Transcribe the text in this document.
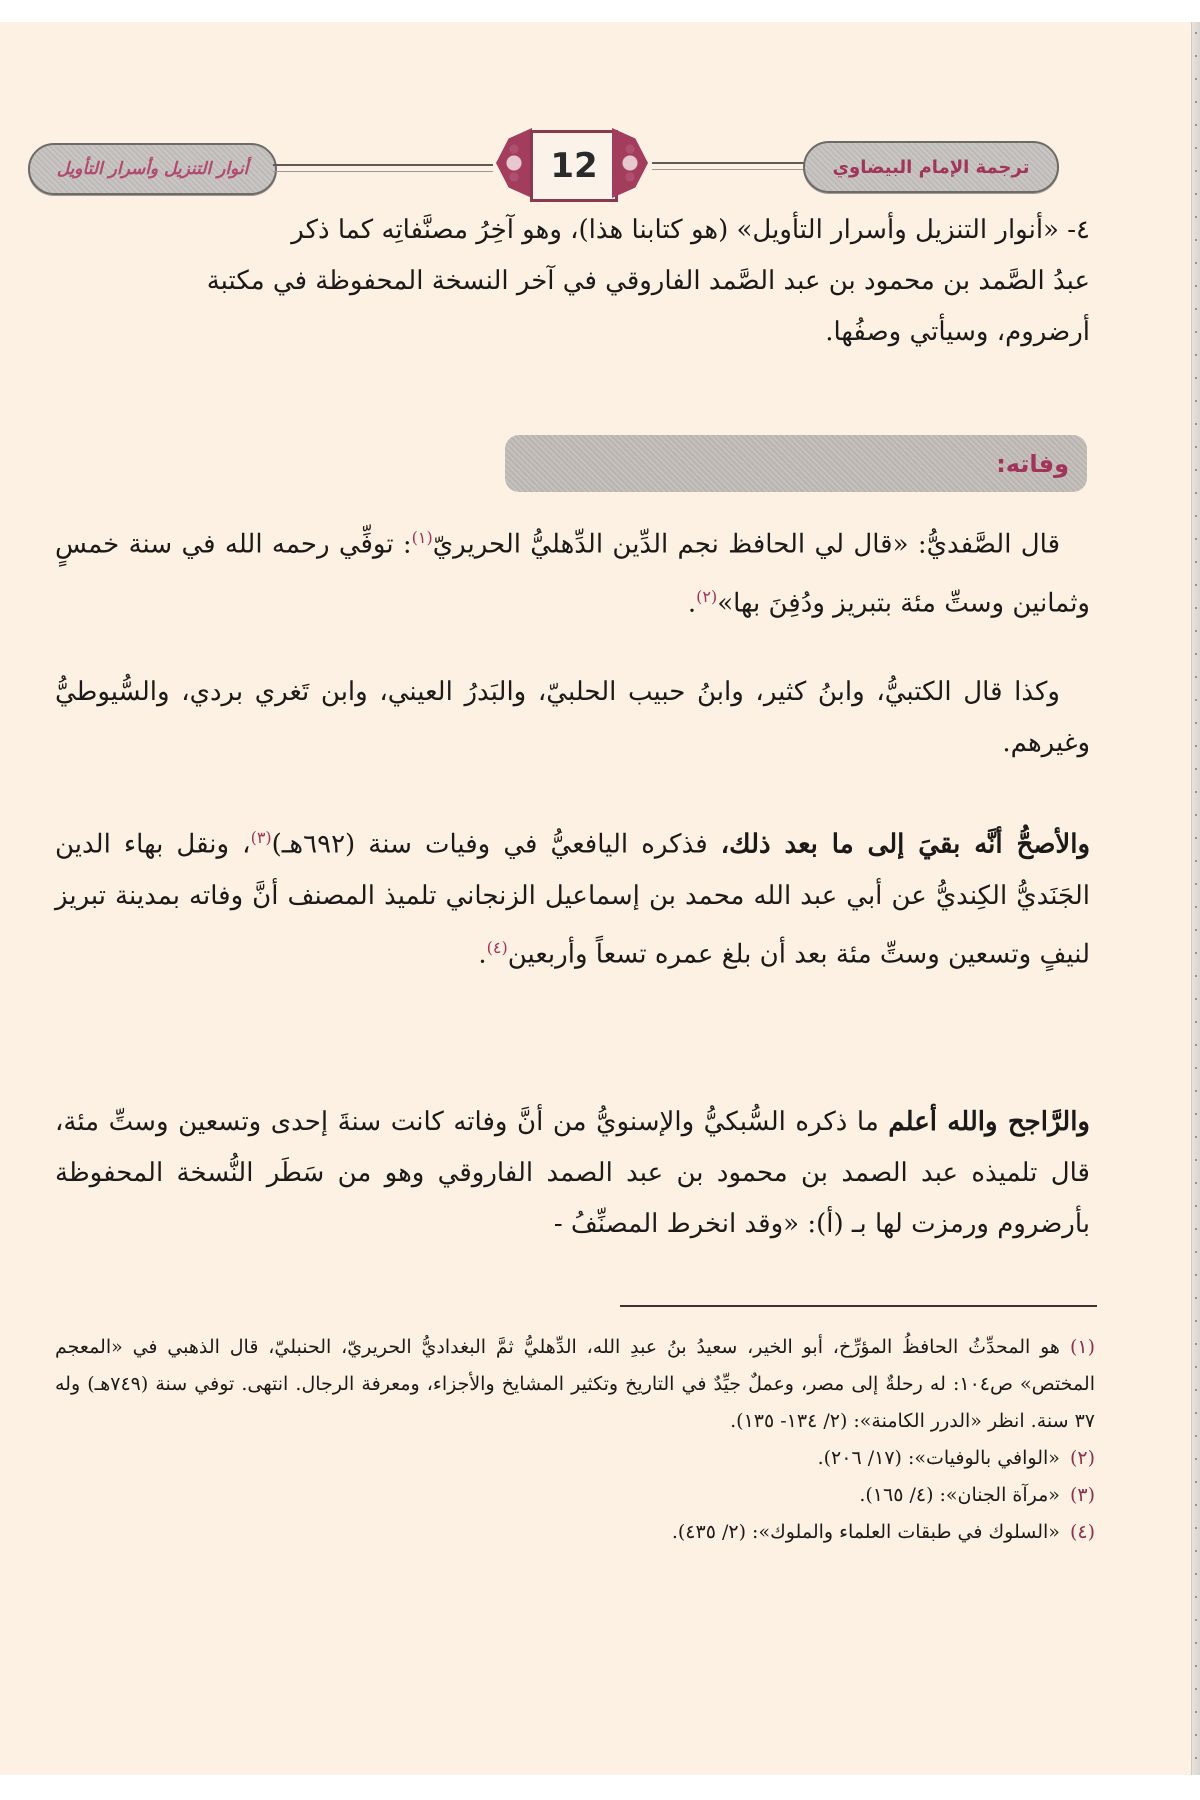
أنوار التنزيل وأسرار التأويل	12	ترجمة الإمام البيضاوي

٤- «أنوار التنزيل وأسرار التأويل» (هو كتابنا هذا)، وهو آخِرُ مصنَّفاتِه كما ذكر

عبدُ الصَّمد بن محمود بن عبد الصَّمد الفاروقي في آخر النسخة المحفوظة في مكتبة

أرضروم، وسيأتي وصفُها.

وفاته:

قال الصَّفديُّ: «قال لي الحافظ نجم الدِّين الدِّهليُّ الحريريّ$^{(١)}$: توفِّي رحمه الله في سنة خمسٍ وثمانين وستِّ مئة بتبريز ودُفِنَ بها»$^{(٢)}$.

وكذا قال الكتبيُّ، وابنُ كثير، وابنُ حبيب الحلبيّ، والبَدرُ العيني، وابن تَغري بردي، والسُّيوطيُّ وغيرهم.

والأصحُّ أنَّه بقيَ إلى ما بعد ذلك، فذكره اليافعيُّ في وفيات سنة (٦٩٢هـ)$^{(٣)}$، ونقل بهاء الدين الجَنَديُّ الكِنديُّ عن أبي عبد الله محمد بن إسماعيل الزنجاني تلميذ المصنف أنَّ وفاته بمدينة تبريز لنيفٍ وتسعين وستِّ مئة بعد أن بلغ عمره تسعاً وأربعين$^{(٤)}$.

والرَّاجح والله أعلم ما ذكره السُّبكيُّ والإسنويُّ من أنَّ وفاته كانت سنةَ إحدى وتسعين وستِّ مئة، قال تلميذه عبد الصمد بن محمود بن عبد الصمد الفاروقي وهو من سَطَر النُّسخة المحفوظة بأرضروم ورمزت لها بـ (أ): «وقد انخرط المصنِّفُ -

(١)هو المحدِّثُ الحافظُ المؤرِّخ، أبو الخير، سعيدُ بنُ عبدِ الله، الدِّهليُّ ثمَّ البغداديُّ الحريريّ، الحنبليّ، قال الذهبي في «المعجم المختص» ص١٠٤: له رحلةٌ إلى مصر، وعملٌ جيِّدٌ في التاريخ وتكثير المشايخ والأجزاء، ومعرفة الرجال. انتهى. توفي سنة (٧٤٩هـ) وله ٣٧ سنة. انظر «الدرر الكامنة»: (٢/ ١٣٤- ١٣٥).

(٢)«الوافي بالوفيات»: (١٧/ ٢٠٦).

(٣)«مرآة الجنان»: (٤/ ١٦٥).

(٤)«السلوك في طبقات العلماء والملوك»: (٢/ ٤٣٥).
